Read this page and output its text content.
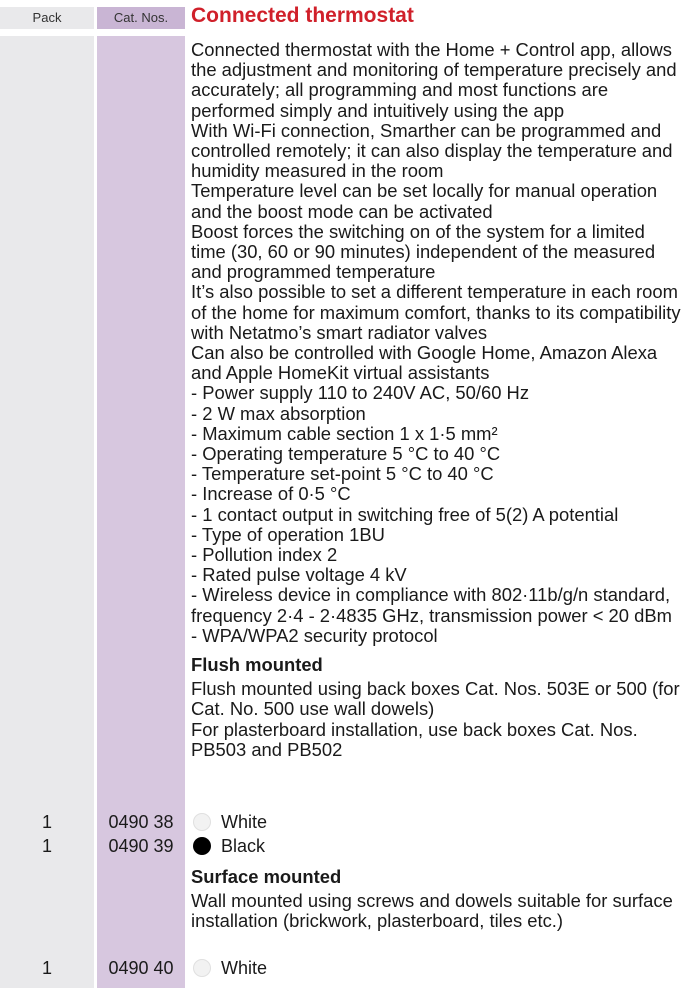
Pack	Cat. Nos.	Connected thermostat
Connected thermostat with the Home + Control app, allows the adjustment and monitoring of temperature precisely and accurately; all programming and most functions are performed simply and intuitively using the app
With Wi-Fi connection, Smarther can be programmed and controlled remotely; it can also display the temperature and humidity measured in the room
Temperature level can be set locally for manual operation and the boost mode can be activated
Boost forces the switching on of the system for a limited time (30, 60 or 90 minutes) independent of the measured and programmed temperature
It’s also possible to set a different temperature in each room of the home for maximum comfort, thanks to its compatibility with Netatmo’s smart radiator valves
Can also be controlled with Google Home, Amazon Alexa and Apple HomeKit virtual assistants
- Power supply 110 to 240V AC, 50/60 Hz
- 2 W max absorption
- Maximum cable section 1 x 1·5 mm²
- Operating temperature 5 °C to 40 °C
- Temperature set-point 5 °C to 40 °C
- Increase of 0·5 °C
- 1 contact output in switching free of 5(2) A potential
- Type of operation 1BU
- Pollution index 2
- Rated pulse voltage 4 kV
- Wireless device in compliance with 802·11b/g/n standard, frequency 2·4 - 2·4835 GHz, transmission power < 20 dBm
- WPA/WPA2 security protocol
Flush mounted
Flush mounted using back boxes Cat. Nos. 503E or 500 (for Cat. No. 500 use wall dowels)
For plasterboard installation, use back boxes Cat. Nos. PB503 and PB502
1	0490 38	White
1	0490 39	Black
Surface mounted
Wall mounted using screws and dowels suitable for surface installation (brickwork, plasterboard, tiles etc.)
1	0490 40	White
